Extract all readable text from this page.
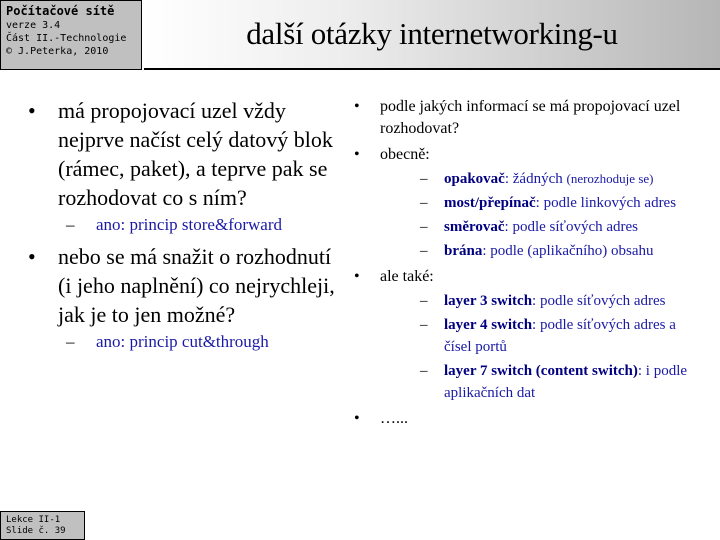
Počítačové sítě
verze 3.4
Část II.-Technologie
© J.Peterka, 2010
další otázky internetworking-u
• má propojovací uzel vždy nejprve načíst celý datový blok (rámec, paket), a teprve pak se rozhodovat co s ním?
– ano: princip store&forward
• nebo se má snažit o rozhodnutí (i jeho naplnění) co nejrychleji, jak je to jen možné?
– ano: princip cut&through
• podle jakých informací se má propojovací uzel rozhodovat?
• obecně:
– opakovač: žádných (nerozhoduje se)
– most/přepínač: podle linkových adres
– směrovač: podle síťových adres
– brána: podle (aplikačního) obsahu
• ale také:
– layer 3 switch: podle síťových adres
– layer 4 switch: podle síťových adres a čísel portů
– layer 7 switch (content switch): i podle aplikačních dat
• …...
Lekce II-1
Slide č. 39
